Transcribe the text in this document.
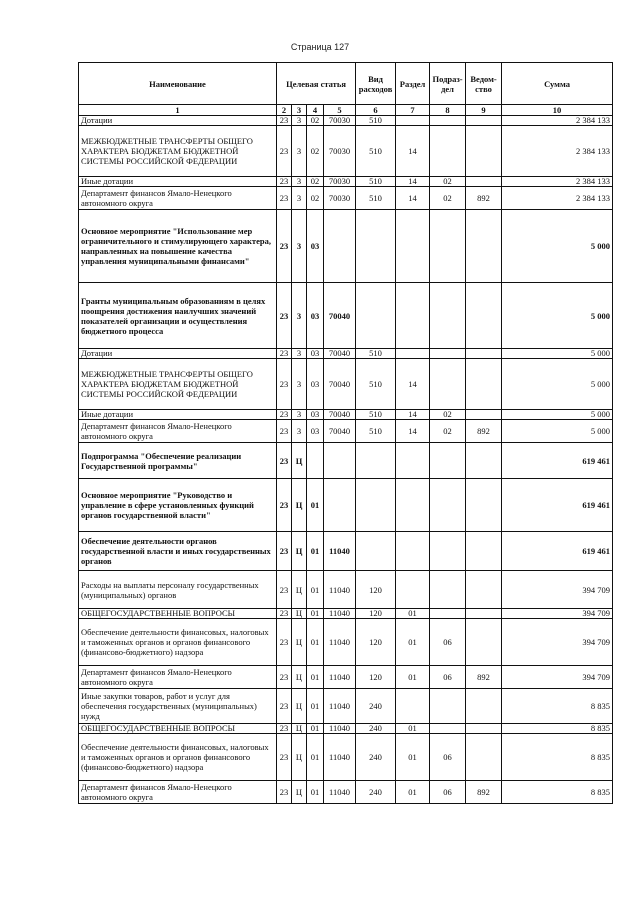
Страница 127
Наименование	Целевая статья				Вид расходов	Раздел	Подраз-дел	Ведом-ство	Сумма
1	2	3	4	5	6	7	8	9	10
Дотации	23	3	02	70030	510				2 384 133
МЕЖБЮДЖЕТНЫЕ ТРАНСФЕРТЫ ОБЩЕГО ХАРАКТЕРА БЮДЖЕТАМ БЮДЖЕТНОЙ СИСТЕМЫ РОССИЙСКОЙ ФЕДЕРАЦИИ	23	3	02	70030	510	14			2 384 133
Иные дотации	23	3	02	70030	510	14	02		2 384 133
Департамент финансов Ямало-Ненецкого автономного округа	23	3	02	70030	510	14	02	892	2 384 133
Основное мероприятие "Использование мер ограничительного и стимулирующего характера, направленных на повышение качества управления муниципальными финансами"	23	3	03						5 000
Гранты муниципальным образованиям в целях поощрения достижения наилучших значений показателей организации и осуществления бюджетного процесса	23	3	03	70040					5 000
Дотации	23	3	03	70040	510				5 000
МЕЖБЮДЖЕТНЫЕ ТРАНСФЕРТЫ ОБЩЕГО ХАРАКТЕРА БЮДЖЕТАМ БЮДЖЕТНОЙ СИСТЕМЫ РОССИЙСКОЙ ФЕДЕРАЦИИ	23	3	03	70040	510	14			5 000
Иные дотации	23	3	03	70040	510	14	02		5 000
Департамент финансов Ямало-Ненецкого автономного округа	23	3	03	70040	510	14	02	892	5 000
Подпрограмма "Обеспечение реализации Государственной программы"	23	Ц							619 461
Основное мероприятие "Руководство и управление в сфере установленных функций органов государственной власти"	23	Ц	01						619 461
Обеспечение деятельности органов государственной власти и иных государственных органов	23	Ц	01	11040					619 461
Расходы на выплаты персоналу государственных (муниципальных) органов	23	Ц	01	11040	120				394 709
ОБЩЕГОСУДАРСТВЕННЫЕ ВОПРОСЫ	23	Ц	01	11040	120	01			394 709
Обеспечение деятельности финансовых, налоговых и таможенных органов и органов финансового (финансово-бюджетного) надзора	23	Ц	01	11040	120	01	06		394 709
Департамент финансов Ямало-Ненецкого автономного округа	23	Ц	01	11040	120	01	06	892	394 709
Иные закупки товаров, работ и услуг для обеспечения государственных (муниципальных) нужд	23	Ц	01	11040	240				8 835
ОБЩЕГОСУДАРСТВЕННЫЕ ВОПРОСЫ	23	Ц	01	11040	240	01			8 835
Обеспечение деятельности финансовых, налоговых и таможенных органов и органов финансового (финансово-бюджетного) надзора	23	Ц	01	11040	240	01	06		8 835
Департамент финансов Ямало-Ненецкого автономного округа	23	Ц	01	11040	240	01	06	892	8 835
